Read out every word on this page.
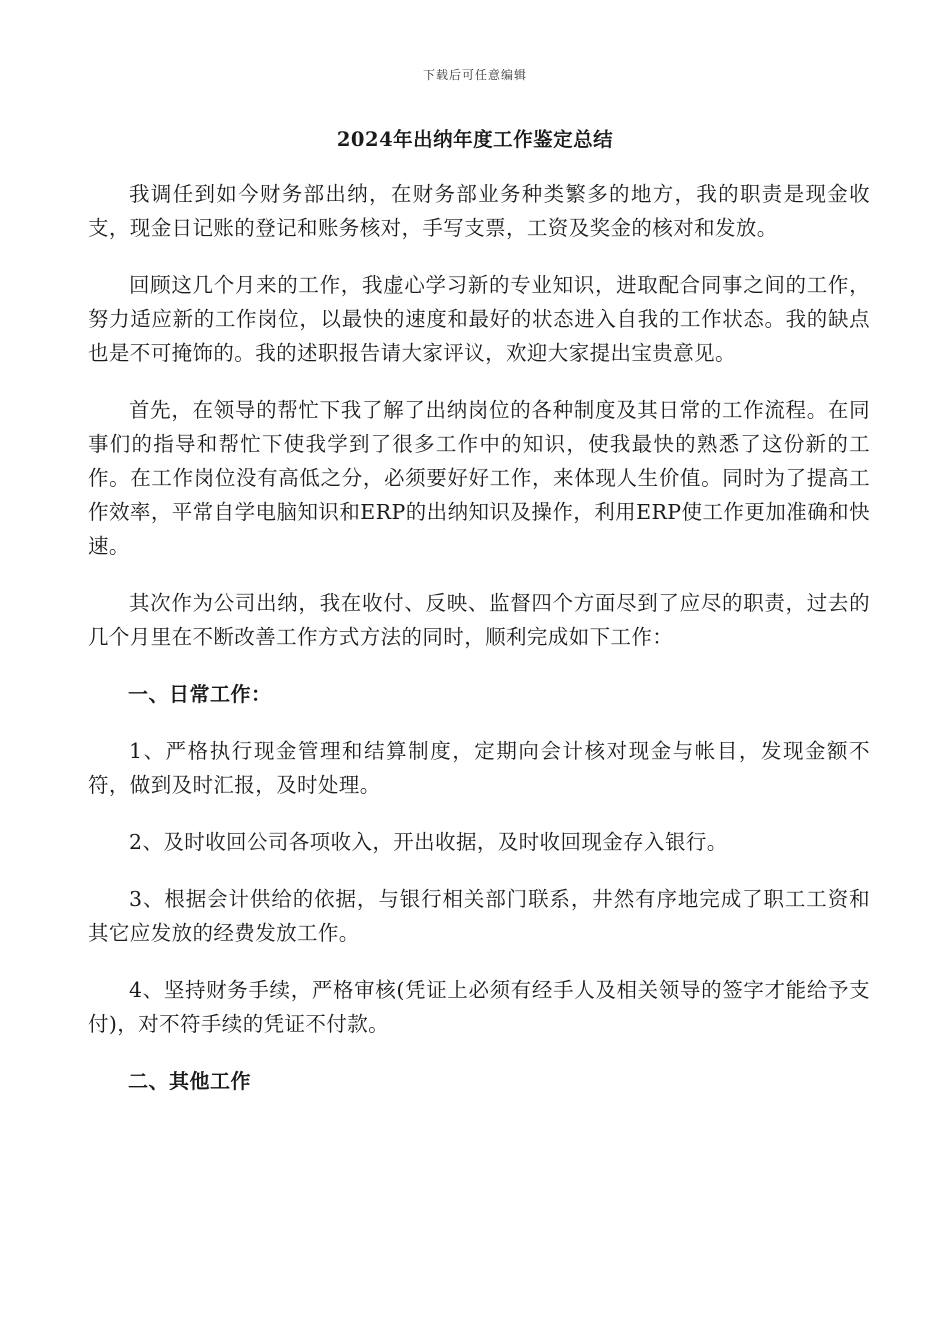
下载后可任意编辑
2024年出纳年度工作鉴定总结

我调任到如今财务部出纳，在财务部业务种类繁多的地方，我的职责是现金收支，现金日记账的登记和账务核对，手写支票，工资及奖金的核对和发放。

回顾这几个月来的工作，我虚心学习新的专业知识，进取配合同事之间的工作，努力适应新的工作岗位，以最快的速度和最好的状态进入自我的工作状态。我的缺点也是不可掩饰的。我的述职报告请大家评议，欢迎大家提出宝贵意见。

首先，在领导的帮忙下我了解了出纳岗位的各种制度及其日常的工作流程。在同事们的指导和帮忙下使我学到了很多工作中的知识，使我最快的熟悉了这份新的工作。在工作岗位没有高低之分，必须要好好工作，来体现人生价值。同时为了提高工作效率，平常自学电脑知识和ERP的出纳知识及操作，利用ERP使工作更加准确和快速。

其次作为公司出纳，我在收付、反映、监督四个方面尽到了应尽的职责，过去的几个月里在不断改善工作方式方法的同时，顺利完成如下工作：

一、日常工作：

1、严格执行现金管理和结算制度，定期向会计核对现金与帐目，发现金额不符，做到及时汇报，及时处理。

2、及时收回公司各项收入，开出收据，及时收回现金存入银行。

3、根据会计供给的依据，与银行相关部门联系，井然有序地完成了职工工资和其它应发放的经费发放工作。

4、坚持财务手续，严格审核(凭证上必须有经手人及相关领导的签字才能给予支付)，对不符手续的凭证不付款。

二、其他工作
